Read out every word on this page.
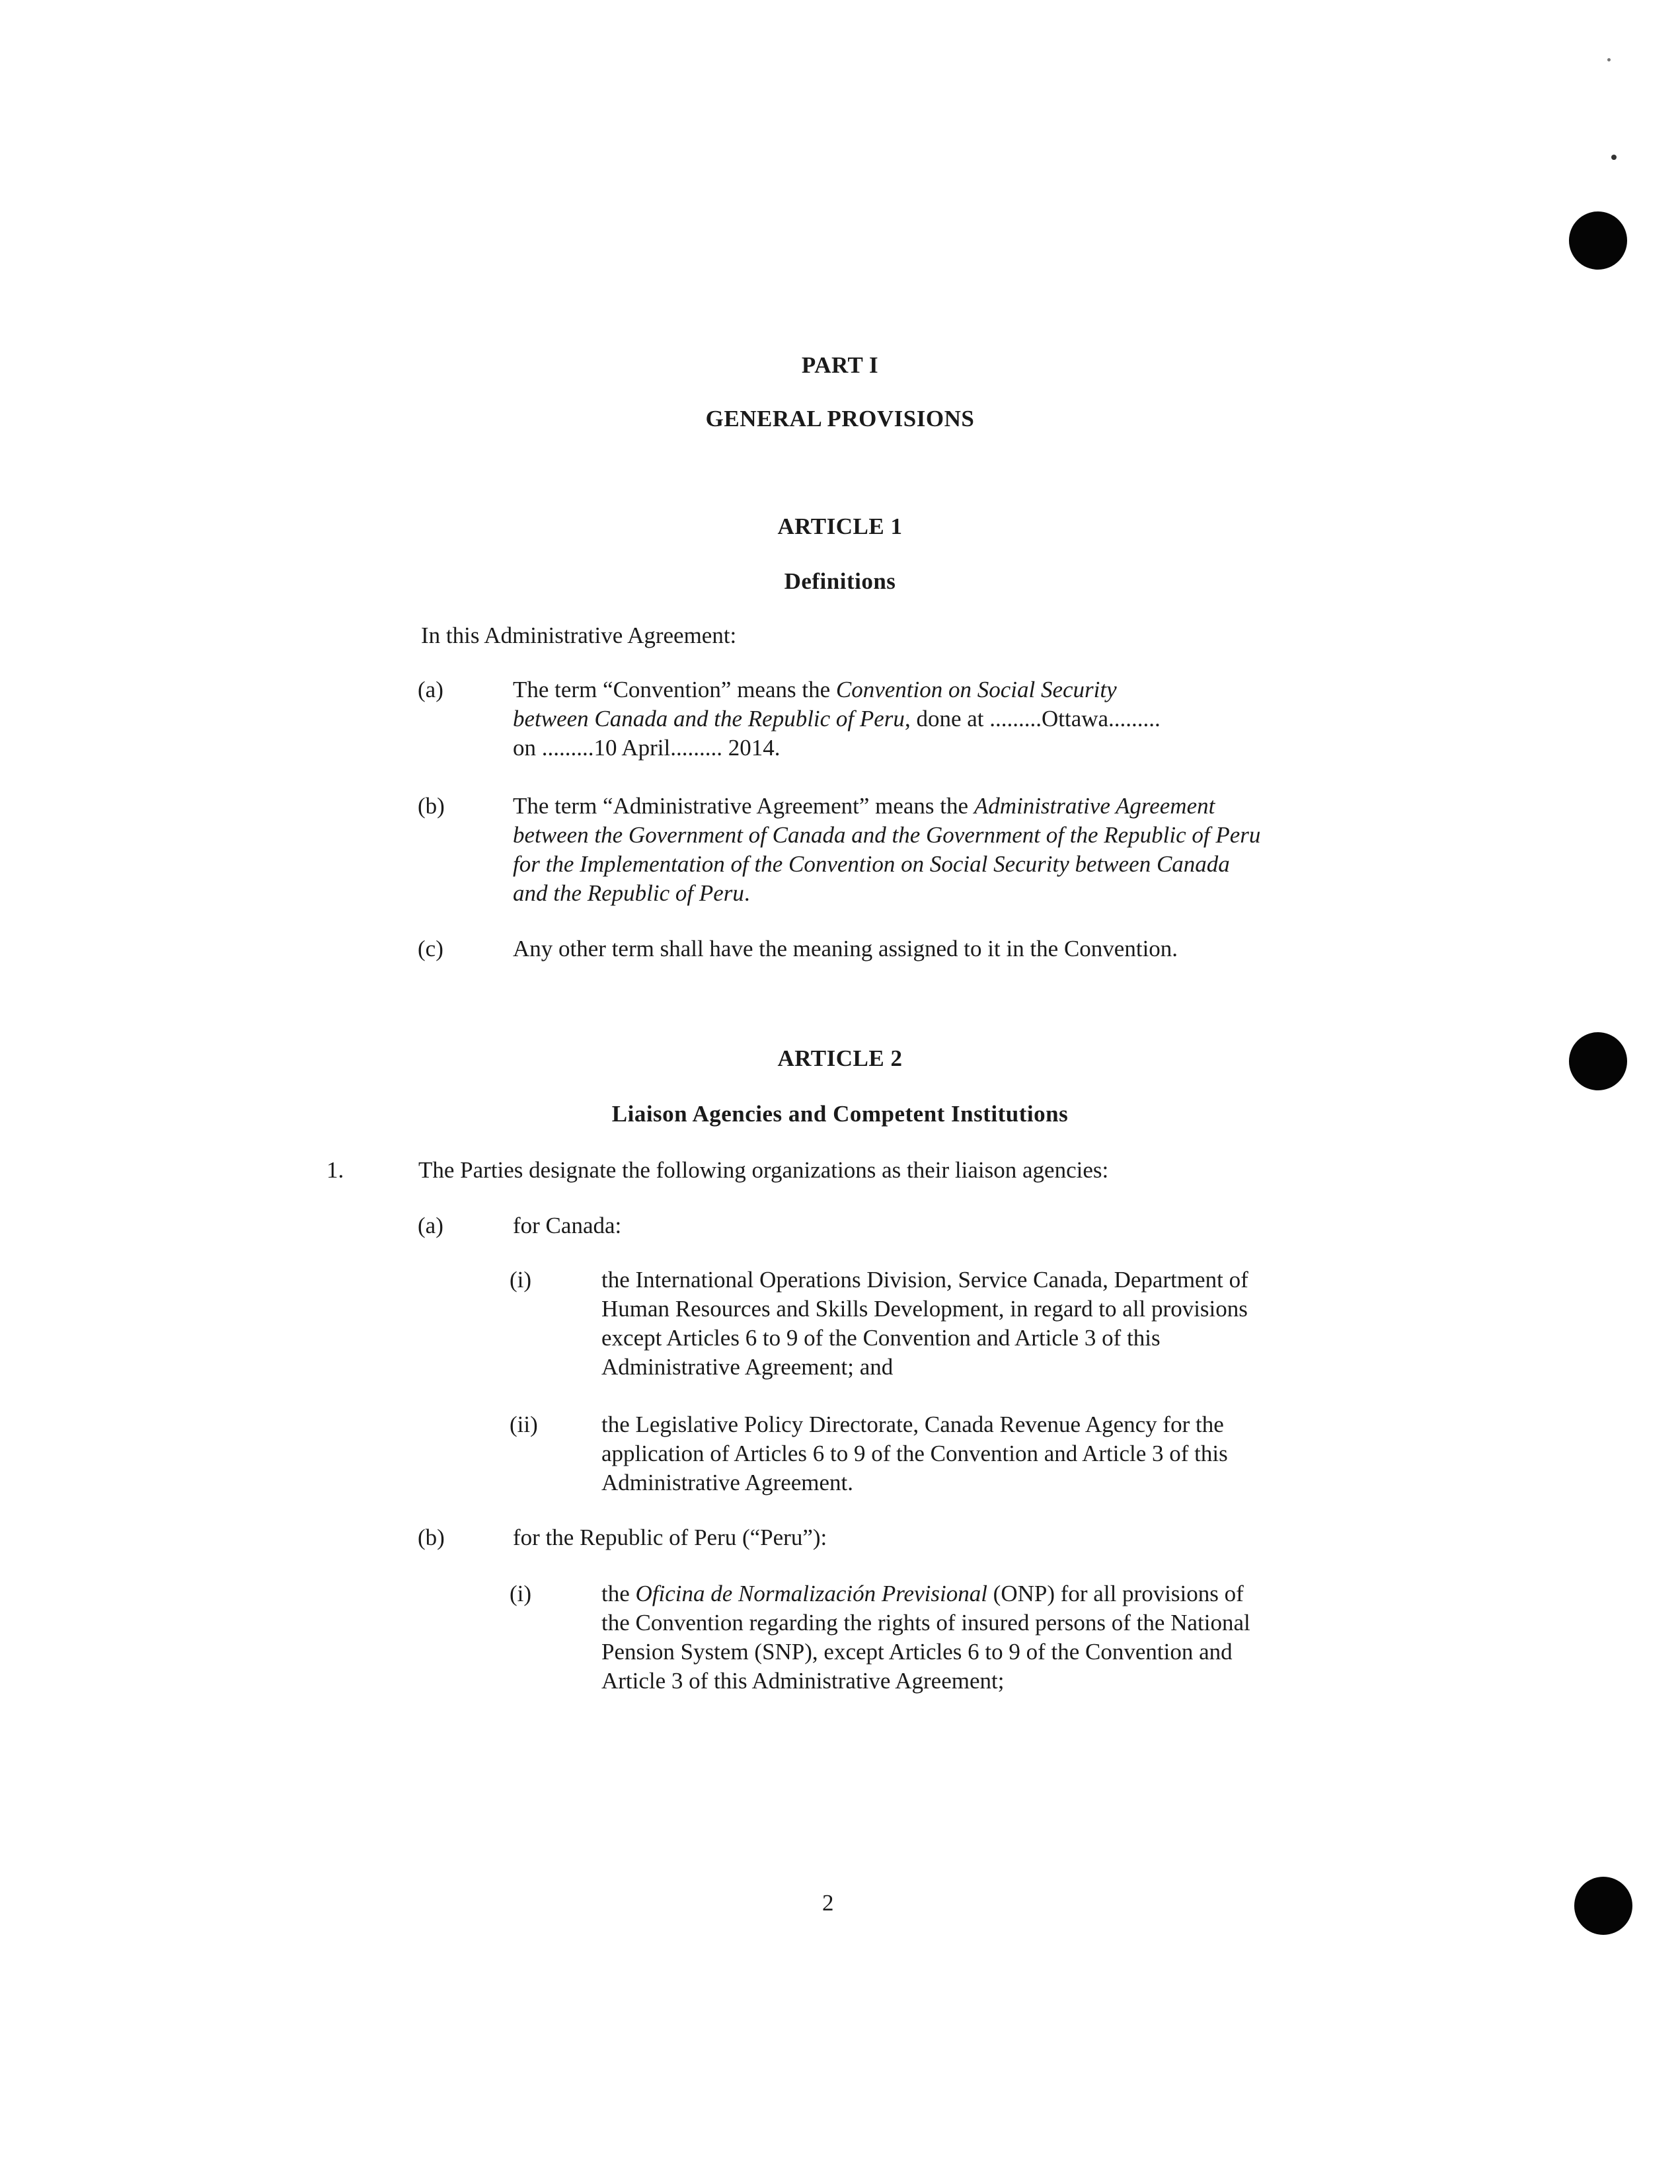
PART I
GENERAL PROVISIONS
ARTICLE 1
Definitions
In this Administrative Agreement:
(a)	The term “Convention” means the Convention on Social Security
between Canada and the Republic of Peru, done at .........Ottawa.........
on .........10 April......... 2014.
(b)	The term “Administrative Agreement” means the Administrative Agreement
between the Government of Canada and the Government of the Republic of Peru
for the Implementation of the Convention on Social Security between Canada
and the Republic of Peru.
(c)	Any other term shall have the meaning assigned to it in the Convention.
ARTICLE 2
Liaison Agencies and Competent Institutions
1.	The Parties designate the following organizations as their liaison agencies:
(a)	for Canada:
(i)	the International Operations Division, Service Canada, Department of
Human Resources and Skills Development, in regard to all provisions
except Articles 6 to 9 of the Convention and Article 3 of this
Administrative Agreement; and
(ii)	the Legislative Policy Directorate, Canada Revenue Agency for the
application of Articles 6 to 9 of the Convention and Article 3 of this
Administrative Agreement.
(b)	for the Republic of Peru (“Peru”):
(i)	the Oficina de Normalización Previsional (ONP) for all provisions of
the Convention regarding the rights of insured persons of the National
Pension System (SNP), except Articles 6 to 9 of the Convention and
Article 3 of this Administrative Agreement;
2
